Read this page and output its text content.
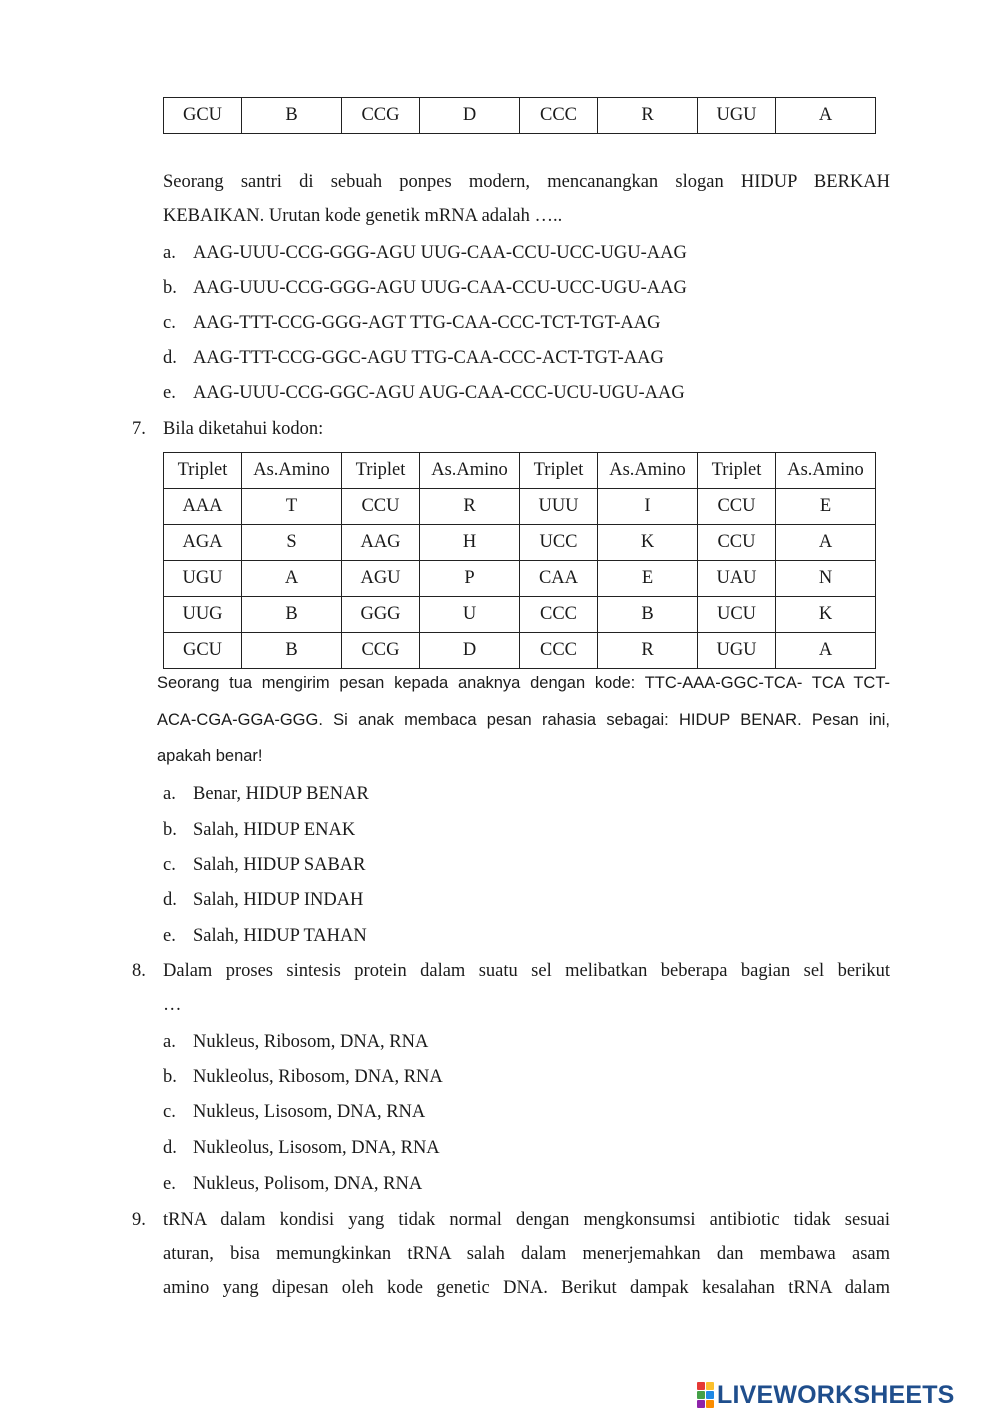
GCU	B	CCG	D	CCC	R	UGU	A
Seorang santri di sebuah ponpes modern, mencanangkan slogan HIDUP BERKAH
KEBAIKAN. Urutan kode genetik mRNA adalah …..
a. AAG-UUU-CCG-GGG-AGU UUG-CAA-CCU-UCC-UGU-AAG
b. AAG-UUU-CCG-GGG-AGU UUG-CAA-CCU-UCC-UGU-AAG
c. AAG-TTT-CCG-GGG-AGT TTG-CAA-CCC-TCT-TGT-AAG
d. AAG-TTT-CCG-GGC-AGU TTG-CAA-CCC-ACT-TGT-AAG
e. AAG-UUU-CCG-GGC-AGU AUG-CAA-CCC-UCU-UGU-AAG
7. Bila diketahui kodon:
Triplet	As.Amino	Triplet	As.Amino	Triplet	As.Amino	Triplet	As.Amino
AAA	T	CCU	R	UUU	I	CCU	E
AGA	S	AAG	H	UCC	K	CCU	A
UGU	A	AGU	P	CAA	E	UAU	N
UUG	B	GGG	U	CCC	B	UCU	K
GCU	B	CCG	D	CCC	R	UGU	A
Seorang tua mengirim pesan kepada anaknya dengan kode: TTC-AAA-GGC-TCA- TCA TCT-
ACA-CGA-GGA-GGG. Si anak membaca pesan rahasia sebagai: HIDUP BENAR. Pesan ini,
apakah benar!
a. Benar, HIDUP BENAR
b. Salah, HIDUP ENAK
c. Salah, HIDUP SABAR
d. Salah, HIDUP INDAH
e. Salah, HIDUP TAHAN
8. Dalam proses sintesis protein dalam suatu sel melibatkan beberapa bagian sel berikut
…
a. Nukleus, Ribosom, DNA, RNA
b. Nukleolus, Ribosom, DNA, RNA
c. Nukleus, Lisosom, DNA, RNA
d. Nukleolus, Lisosom, DNA, RNA
e. Nukleus, Polisom, DNA, RNA
9. tRNA dalam kondisi yang tidak normal dengan mengkonsumsi antibiotic tidak sesuai
aturan, bisa memungkinkan tRNA salah dalam menerjemahkan dan membawa asam
amino yang dipesan oleh kode genetic DNA. Berikut dampak kesalahan tRNA dalam
LIVEWORKSHEETS
